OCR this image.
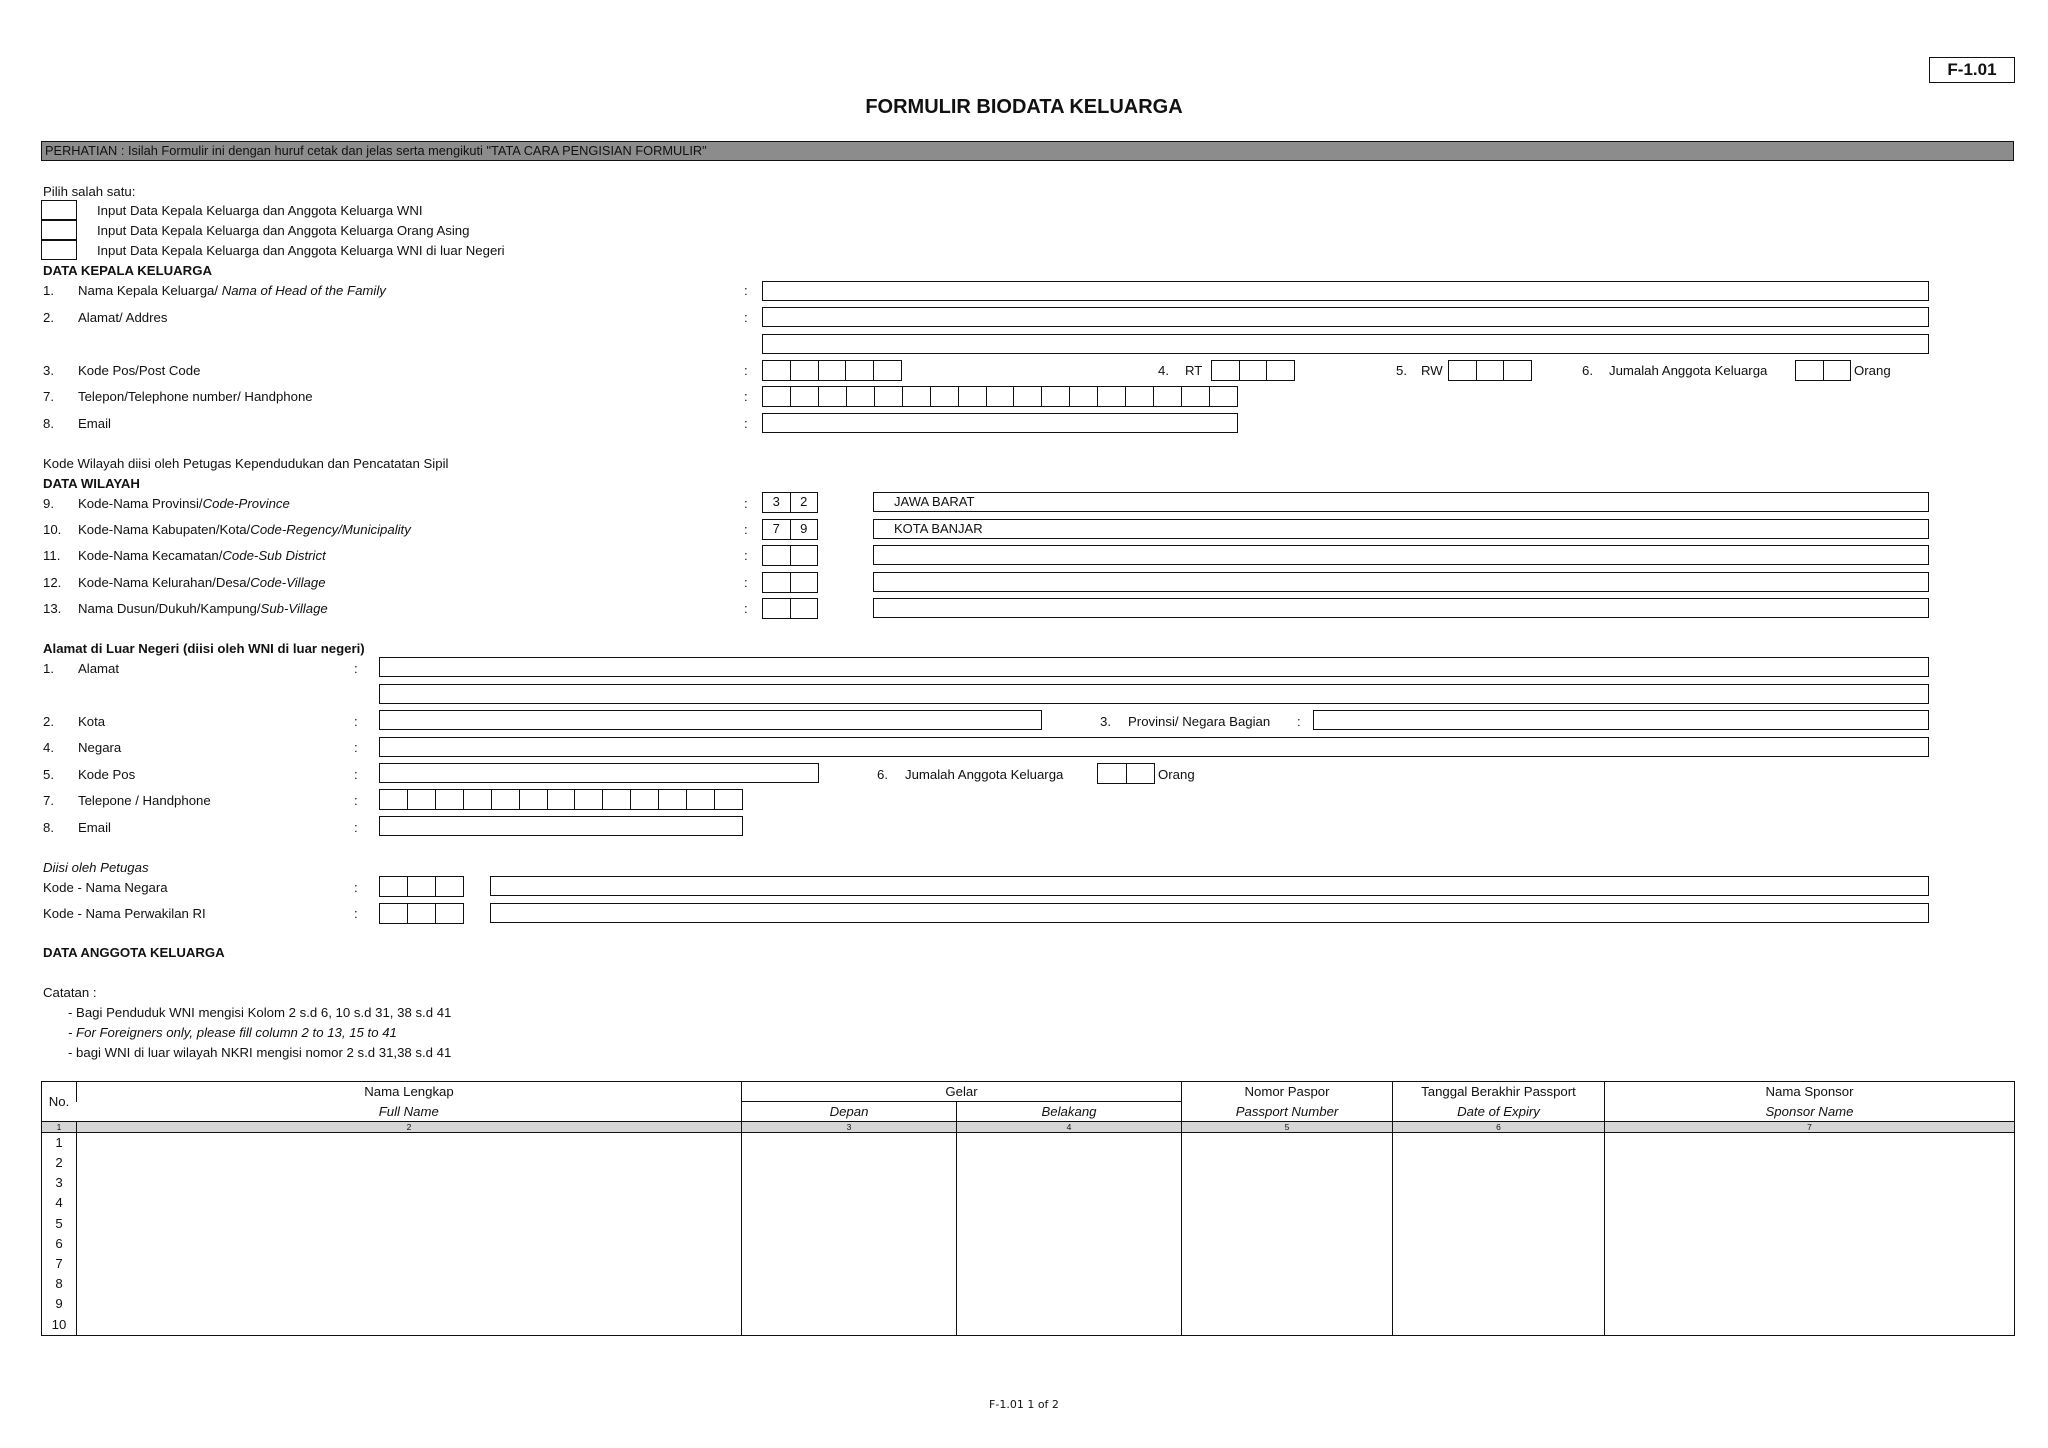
F-1.01
FORMULIR BIODATA KELUARGA
PERHATIAN : Isilah Formulir ini dengan huruf cetak dan jelas serta mengikuti "TATA CARA PENGISIAN FORMULIR"
Pilih salah satu:
Input Data Kepala Keluarga dan Anggota Keluarga WNI
Input Data Kepala Keluarga dan Anggota Keluarga Orang Asing
Input Data Kepala Keluarga dan Anggota Keluarga WNI di luar Negeri
DATA KEPALA KELUARGA
1. Nama Kepala Keluarga/ Nama of Head of the Family	:
2. Alamat/ Addres	:
3. Kode Pos/Post Code	:	4. RT	5. RW	6. Jumalah Anggota Keluarga	Orang
7. Telepon/Telephone number/ Handphone	:
8. Email	:
Kode Wilayah diisi oleh Petugas Kependudukan dan Pencatatan Sipil
DATA WILAYAH
9. Kode-Nama Provinsi/Code-Province	:	3	2	JAWA BARAT
10. Kode-Nama Kabupaten/Kota/Code-Regency/Municipality	:	7	9	KOTA BANJAR
11. Kode-Nama Kecamatan/Code-Sub District	:
12. Kode-Nama Kelurahan/Desa/Code-Village	:
13. Nama Dusun/Dukuh/Kampung/Sub-Village	:
Alamat di Luar Negeri (diisi oleh WNI di luar negeri)
1. Alamat	:
2. Kota	:	3. Provinsi/ Negara Bagian :
4. Negara	:
5. Kode Pos	:	6. Jumalah Anggota Keluarga	Orang
7. Telepone / Handphone	:
8. Email	:
Diisi oleh Petugas
Kode - Nama Negara	:
Kode - Nama Perwakilan RI	:
DATA ANGGOTA KELUARGA
Catatan :
- Bagi Penduduk WNI mengisi Kolom 2 s.d 6, 10 s.d 31, 38 s.d 41
- For Foreigners only, please fill column 2 to 13, 15 to 41
- bagi WNI di luar wilayah NKRI mengisi nomor 2 s.d 31,38 s.d 41
No.	Nama Lengkap	Gelar		Nomor Paspor	Tanggal Berakhir Passport	Nama Sponsor
	Full Name	Depan	Belakang	Passport Number	Date of Expiry	Sponsor Name
1	2	3	4	5	6	7
1						
2						
3						
4						
5						
6						
7						
8						
9						
10						
F-1.01 1 of 2
